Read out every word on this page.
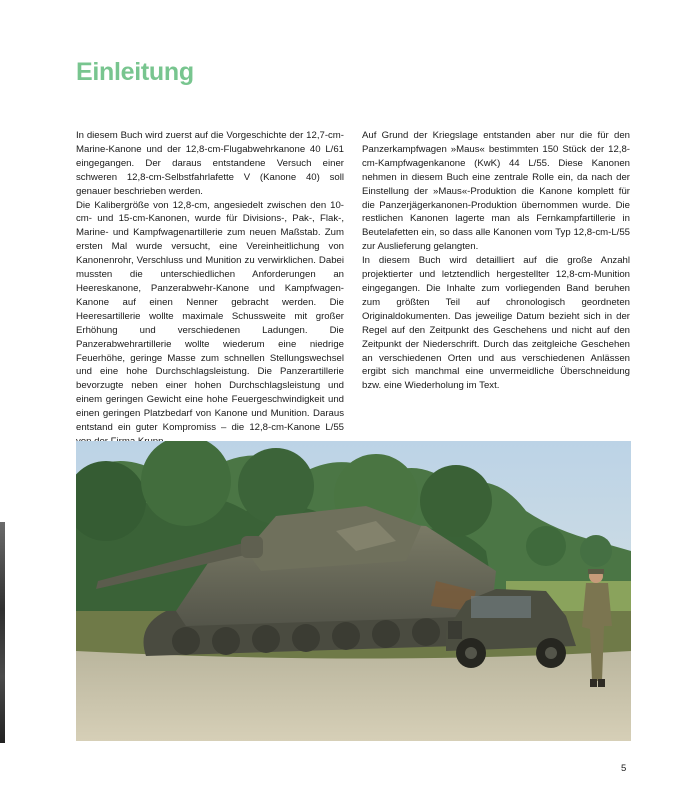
Einleitung

In diesem Buch wird zuerst auf die Vorgeschichte der 12,7-cm-Marine-Kanone und der 12,8-cm-Flugabwehrkanone 40 L/61 eingegangen. Der daraus entstandene Versuch einer schweren 12,8-cm-Selbstfahrlafette V (Kanone 40) soll genauer beschrieben werden.

Die Kalibergröße von 12,8-cm, angesiedelt zwischen den 10-cm- und 15-cm-Kanonen, wurde für Divisions-, Pak-, Flak-, Marine- und Kampfwagenartillerie zum neuen Maßstab. Zum ersten Mal wurde versucht, eine Vereinheitlichung von Kanonenrohr, Verschluss und Munition zu verwirklichen. Dabei mussten die unterschiedlichen Anforderungen an Heereskanone, Panzerabwehr-Kanone und Kampfwagen-Kanone auf einen Nenner gebracht werden. Die Heeresartillerie wollte maximale Schussweite mit großer Erhöhung und verschiedenen Ladungen. Die Panzerabwehrartillerie wollte wiederum eine niedrige Feuerhöhe, geringe Masse zum schnellen Stellungswechsel und eine hohe Durchschlagsleistung. Die Panzerartillerie bevorzugte neben einer hohen Durchschlagsleistung und einem geringen Gewicht eine hohe Feuergeschwindigkeit und einen geringen Platzbedarf von Kanone und Munition. Daraus entstand ein guter Kompromiss – die 12,8-cm-Kanone L/55

Auf Grund der Kriegslage entstanden aber nur die für den Panzerkampfwagen »Maus« bestimmten 150 Stück der 12,8-cm-Kampfwagenkanone (KwK) 44 L/55. Diese Kanonen nehmen in diesem Buch eine zentrale Rolle ein, da nach der Einstellung der »Maus«-Produktion die Kanone komplett für die Panzerjägerkanonen-Produktion übernommen wurde. Die restlichen Kanonen lagerte man als Fernkampfartillerie in Beutelafetten ein, so dass alle Kanonen vom Typ 12,8-cm-L/55 zur Auslieferung gelangten.

In diesem Buch wird detailliert auf die große Anzahl projektierter und letztendlich hergestellter 12,8-cm-Munition eingegangen. Die Inhalte zum vorliegenden Band beruhen zum größten Teil auf chronologisch geordneten Originaldokumenten. Das jeweilige Datum bezieht sich in der Regel auf den Zeitpunkt des Geschehens und nicht auf den Zeitpunkt der Niederschrift. Durch das zeitgleiche Geschehen an verschiedenen Orten und aus verschiedenen Anlässen ergibt sich manchmal eine unvermeidliche Überschneidung bzw. eine Wiederholung im Text.

5
